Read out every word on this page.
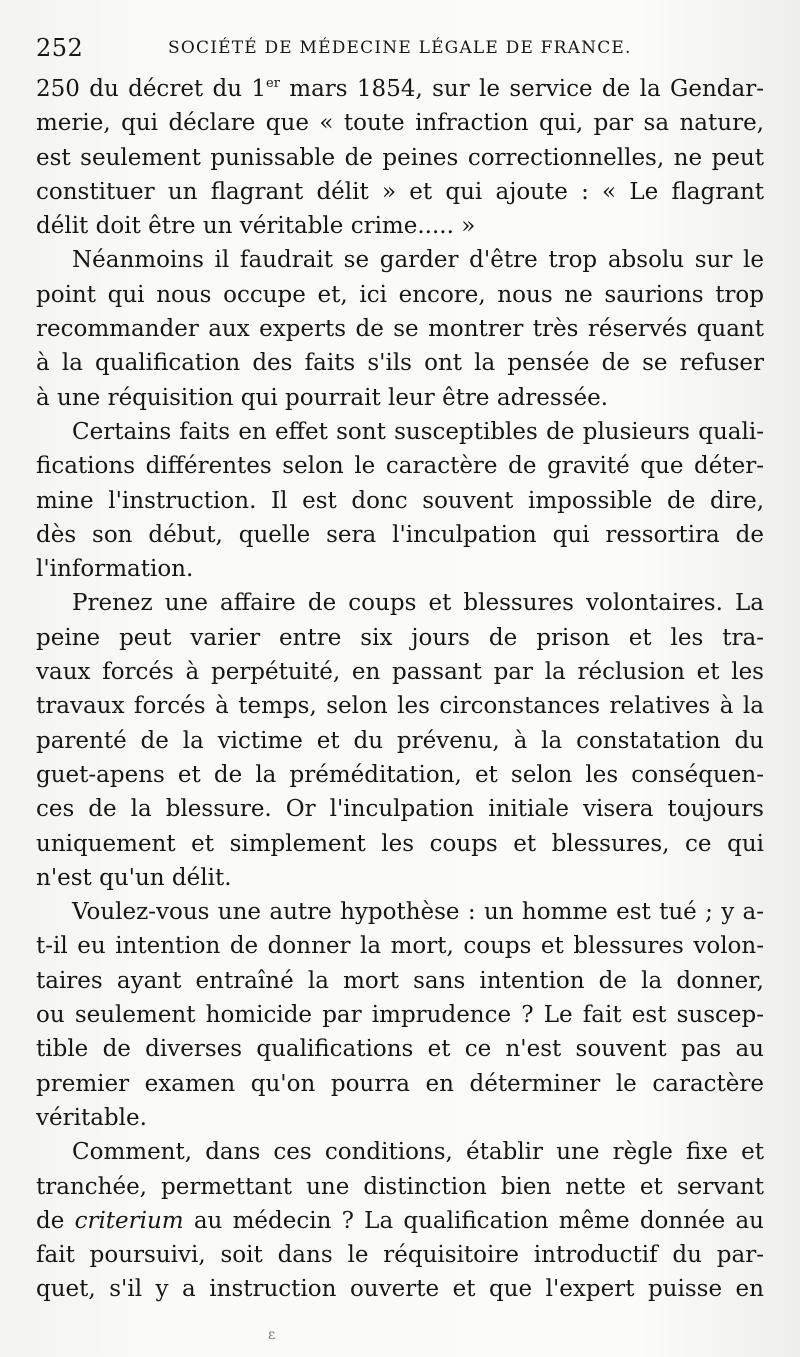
252	SOCIÉTÉ DE MÉDECINE LÉGALE DE FRANCE.
250 du décret du 1er mars 1854, sur le service de la Gendar-
merie, qui déclare que « toute infraction qui, par sa nature,
est seulement punissable de peines correctionnelles, ne peut
constituer un flagrant délit » et qui ajoute : « Le flagrant
délit doit être un véritable crime..... »
Néanmoins il faudrait se garder d'être trop absolu sur le
point qui nous occupe et, ici encore, nous ne saurions trop
recommander aux experts de se montrer très réservés quant
à la qualification des faits s'ils ont la pensée de se refuser
à une réquisition qui pourrait leur être adressée.
Certains faits en effet sont susceptibles de plusieurs quali-
fications différentes selon le caractère de gravité que déter-
mine l'instruction. Il est donc souvent impossible de dire,
dès son début, quelle sera l'inculpation qui ressortira de
l'information.
Prenez une affaire de coups et blessures volontaires. La
peine peut varier entre six jours de prison et les tra-
vaux forcés à perpétuité, en passant par la réclusion et les
travaux forcés à temps, selon les circonstances relatives à la
parenté de la victime et du prévenu, à la constatation du
guet-apens et de la préméditation, et selon les conséquen-
ces de la blessure. Or l'inculpation initiale visera toujours
uniquement et simplement les coups et blessures, ce qui
n'est qu'un délit.
Voulez-vous une autre hypothèse : un homme est tué ; y a-
t-il eu intention de donner la mort, coups et blessures volon-
taires ayant entraîné la mort sans intention de la donner,
ou seulement homicide par imprudence ? Le fait est suscep-
tible de diverses qualifications et ce n'est souvent pas au
premier examen qu'on pourra en déterminer le caractère
véritable.
Comment, dans ces conditions, établir une règle fixe et
tranchée, permettant une distinction bien nette et servant
de criterium au médecin ? La qualification même donnée au
fait poursuivi, soit dans le réquisitoire introductif du par-
quet, s'il y a instruction ouverte et que l'expert puisse en
ε
